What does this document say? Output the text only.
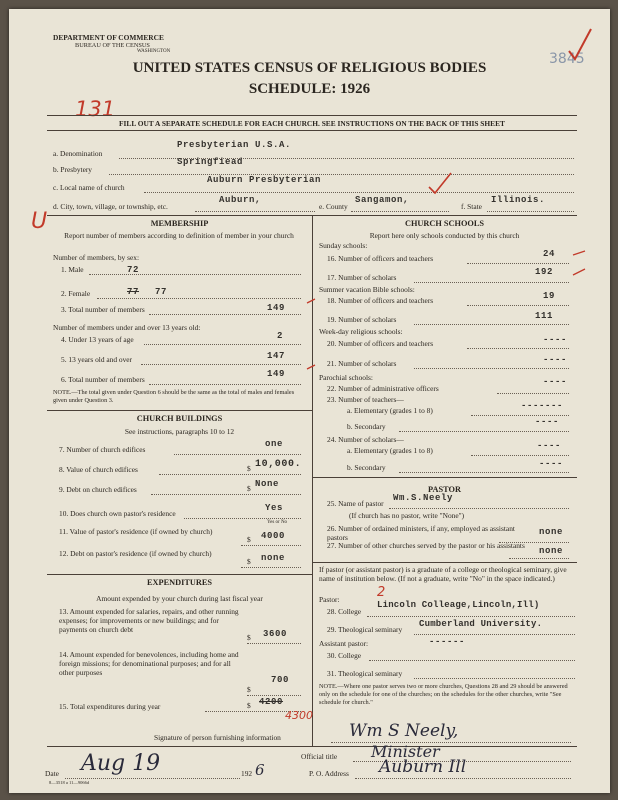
DEPARTMENT OF COMMERCE
BUREAU OF THE CENSUS
WASHINGTON
UNITED STATES CENSUS OF RELIGIOUS BODIES
SCHEDULE: 1926
3845
131
U
FILL OUT A SEPARATE SCHEDULE FOR EACH CHURCH. SEE INSTRUCTIONS ON THE BACK OF THIS SHEET
a. Denomination
Presbyterian U.S.A.
b. Presbytery
Springfiead
c. Local name of church
Auburn Presbyterian
d. City, town, village, or township, etc.
Auburn,
e. County
Sangamon,
f. State
Illinois.
MEMBERSHIP
Report number of members according to definition of member in your church
Number of members, by sex:
1. Male	72
2. Female	77 77
3. Total number of members	149
Number of members under and over 13 years old:
4. Under 13 years of age	2
5. 13 years old and over	147
6. Total number of members
149
NOTE.—The total given under Question 6 should be the same as the total of males and females given under Question 3.
CHURCH BUILDINGS
See instructions, paragraphs 10 to 12
7. Number of church edifices
one
8. Value of church edifices	$ 10,000.
9. Debt on church edifices	$ None
10. Does church own pastor's residence
Yes
Yes or No
11. Value of pastor's residence (if owned by church)
$ 4000
12. Debt on pastor's residence (if owned by church)
$ none
EXPENDITURES
Amount expended by your church during last fiscal year
13. Amount expended for salaries, repairs, and other running expenses; for improvements or new buildings; and for payments on church debt
$ 3600
14. Amount expended for benevolences, including home and foreign missions; for denominational purposes; and for all other purposes
$
700
15. Total expenditures during year	$ 4200
4300
CHURCH SCHOOLS
Report here only schools conducted by this church
Sunday schools:
16. Number of officers and teachers	24
17. Number of scholars
192
Summer vacation Bible schools:
18. Number of officers and teachers	19
19. Number of scholars	111
Week-day religious schools:
20. Number of officers and teachers	----
21. Number of scholars	----
Parochial schools:
22. Number of administrative officers
----
23. Number of teachers—
a. Elementary (grades 1 to 8)	-------
b. Secondary	----
24. Number of scholars—
a. Elementary (grades 1 to 8)	----
b. Secondary	----
PASTOR
25. Name of pastor
Wm.S.Neely
(If church has no pastor, write "None")
26. Number of ordained ministers, if any, employed as assistant pastors
none
27. Number of other churches served by the pastor or his assistants
none
If pastor (or assistant pastor) is a graduate of a college or theological seminary, give name of institution below. (If not a graduate, write "No" in the space indicated.)
Pastor:	2
28. College
Lincoln Colleage,Lincoln,Ill)
29. Theological seminary
Cumberland University.
Assistant pastor:	------
30. College
31. Theological seminary
NOTE.—Where one pastor serves two or more churches, Questions 28 and 29 should be answered only on the schedule for one of the churches; on the schedules for the other churches, write "See schedule for church."
Signature of person furnishing information	Wm S Neely,
Official title Minister
Date Aug 19	192 6
8—3518 a 11—9066d
P. O. Address Auburn Ill
